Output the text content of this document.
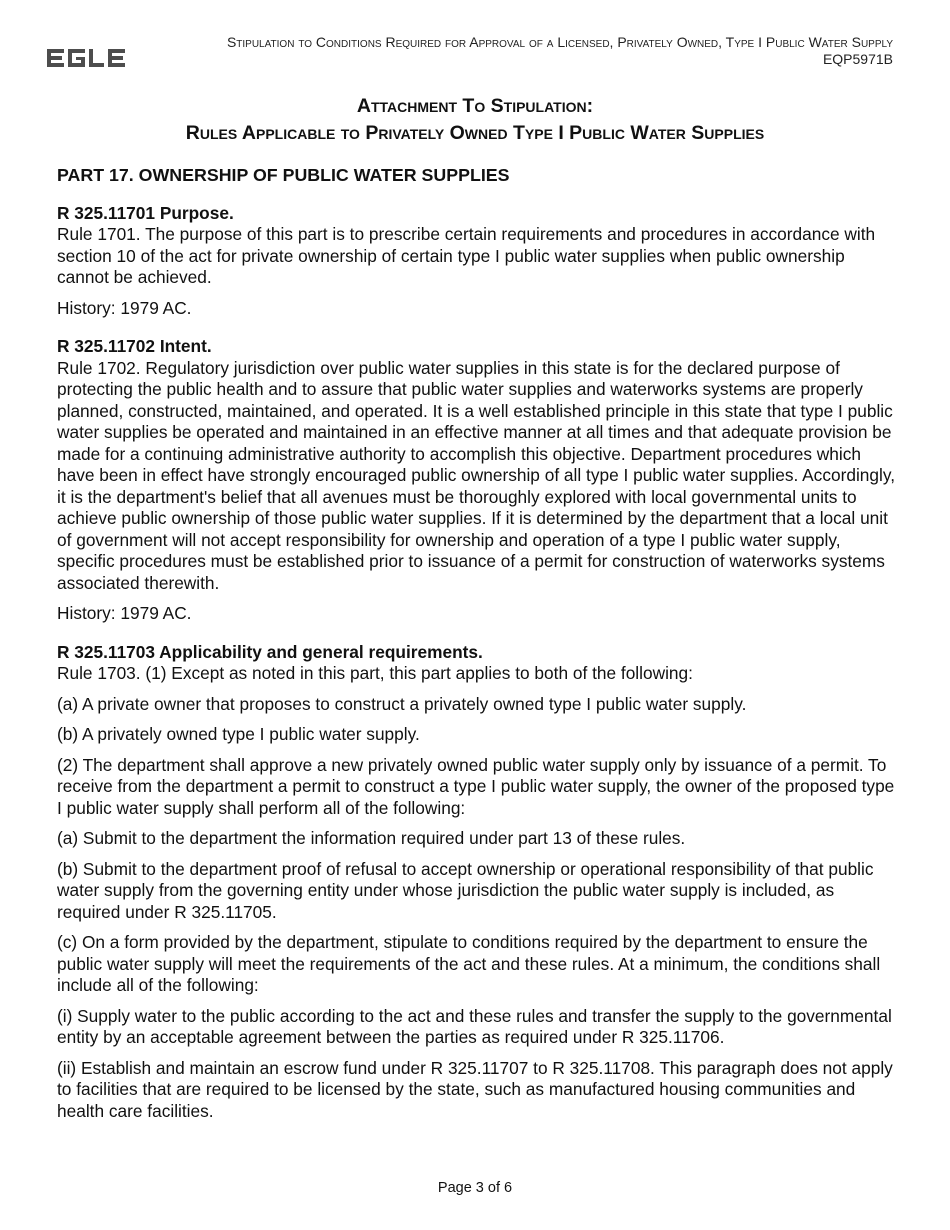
Stipulation to Conditions Required for Approval of a Licensed, Privately Owned, Type I Public Water Supply
EQP5971B
Attachment To Stipulation:
Rules Applicable to Privately Owned Type I Public Water Supplies
PART 17. OWNERSHIP OF PUBLIC WATER SUPPLIES
R 325.11701 Purpose.

Rule 1701. The purpose of this part is to prescribe certain requirements and procedures in accordance with section 10 of the act for private ownership of certain type I public water supplies when public ownership cannot be achieved.

History: 1979 AC.

R 325.11702 Intent.

Rule 1702. Regulatory jurisdiction over public water supplies in this state is for the declared purpose of protecting the public health and to assure that public water supplies and waterworks systems are properly planned, constructed, maintained, and operated. It is a well established principle in this state that type I public water supplies be operated and maintained in an effective manner at all times and that adequate provision be made for a continuing administrative authority to accomplish this objective. Department procedures which have been in effect have strongly encouraged public ownership of all type I public water supplies. Accordingly, it is the department's belief that all avenues must be thoroughly explored with local governmental units to achieve public ownership of those public water supplies. If it is determined by the department that a local unit of government will not accept responsibility for ownership and operation of a type I public water supply, specific procedures must be established prior to issuance of a permit for construction of waterworks systems associated therewith.

History: 1979 AC.

R 325.11703 Applicability and general requirements.

Rule 1703. (1) Except as noted in this part, this part applies to both of the following:

(a) A private owner that proposes to construct a privately owned type I public water supply.

(b) A privately owned type I public water supply.

(2) The department shall approve a new privately owned public water supply only by issuance of a permit. To receive from the department a permit to construct a type I public water supply, the owner of the proposed type I public water supply shall perform all of the following:

(a) Submit to the department the information required under part 13 of these rules.

(b) Submit to the department proof of refusal to accept ownership or operational responsibility of that public water supply from the governing entity under whose jurisdiction the public water supply is included, as required under R 325.11705.

(c) On a form provided by the department, stipulate to conditions required by the department to ensure the public water supply will meet the requirements of the act and these rules. At a minimum, the conditions shall include all of the following:

(i) Supply water to the public according to the act and these rules and transfer the supply to the governmental entity by an acceptable agreement between the parties as required under R 325.11706.

(ii) Establish and maintain an escrow fund under R 325.11707 to R 325.11708. This paragraph does not apply to facilities that are required to be licensed by the state, such as manufactured housing communities and health care facilities.

Page 3 of 6
